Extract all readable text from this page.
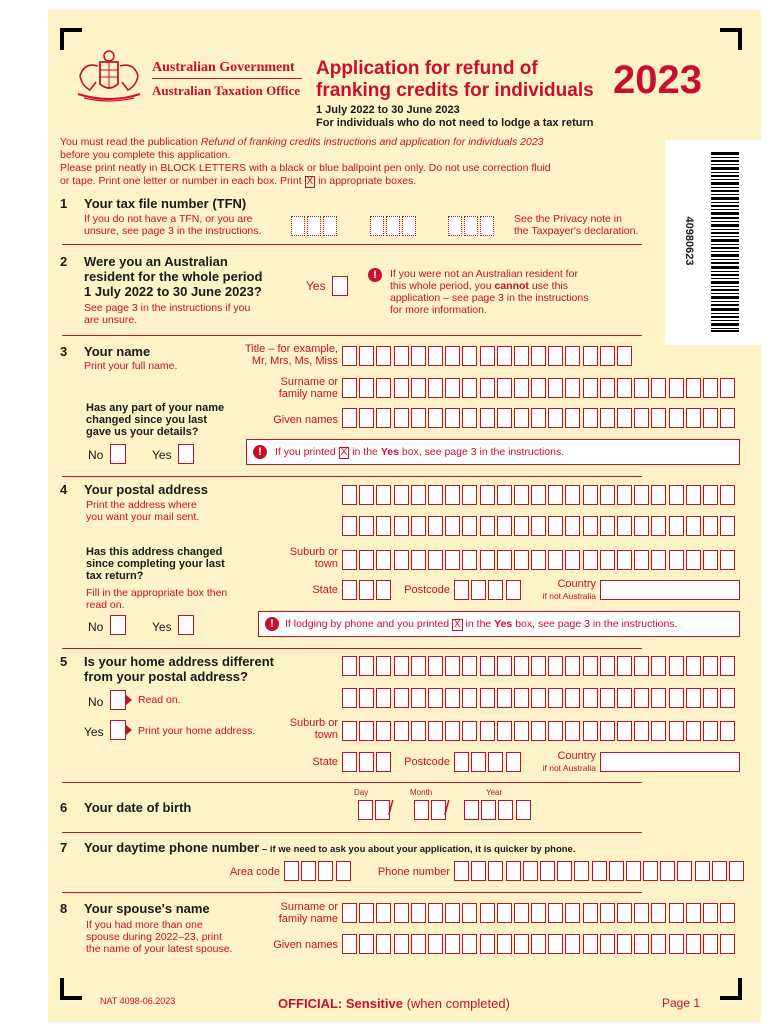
Australian Government
Australian Taxation Office
Application for refund of
franking credits for individuals 2023
1 July 2022 to 30 June 2023
For individuals who do not need to lodge a tax return
40980623
You must read the publication Refund of franking credits instructions and application for individuals 2023
before you complete this application.
Please print neatly in BLOCK LETTERS with a black or blue ballpoint pen only. Do not use correction fluid
or tape. Print one letter or number in each box. Print X in appropriate boxes.
1 Your tax file number (TFN)
If you do not have a TFN, or you are
unsure, see page 3 in the instructions.
See the Privacy note in
the Taxpayer's declaration.
2 Were you an Australian
resident for the whole period
1 July 2022 to 30 June 2023?
See page 3 in the instructions if you
are unsure.
Yes
!	If you were not an Australian resident for
this whole period, you cannot use this
application – see page 3 in the instructions
for more information.
3 Your name
Print your full name.
Title – for example,
Mr, Mrs, Ms, Miss
Surname or
family name
Given names
Has any part of your name
changed since you last
gave us your details?
No	Yes	!	If you printed X in the Yes box, see page 3 in the instructions.
4 Your postal address
Print the address where
you want your mail sent.
Has this address changed
since completing your last
tax return?
Suburb or
town
Fill in the appropriate box then
read on.
State	Postcode	Country
if not Australia
No	Yes	!	If lodging by phone and you printed X in the Yes box, see page 3 in the instructions.
5 Is your home address different
from your postal address?
No	Read on.
Yes	Print your home address.
Suburb or
town
State	Postcode	Country
if not Australia
Day	Month	Year
6 Your date of birth	/	/
7 Your daytime phone number – if we need to ask you about your application, it is quicker by phone.
Area code	Phone number
8 Your spouse's name
If you had more than one
spouse during 2022–23, print
the name of your latest spouse.
Surname or
family name
Given names
NAT 4098-06.2023	OFFICIAL: Sensitive (when completed)	Page 1
